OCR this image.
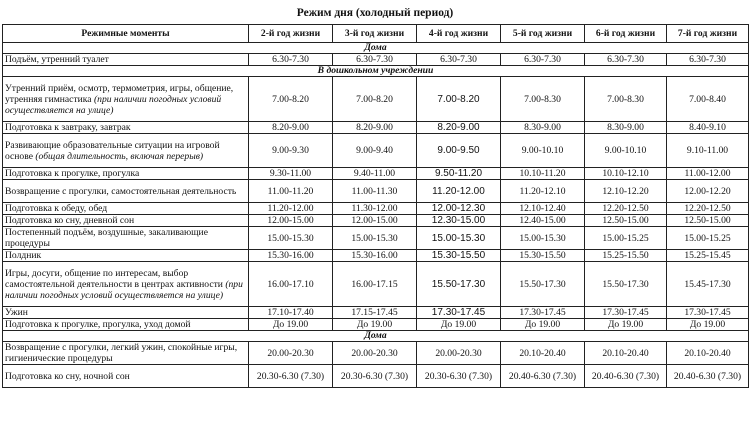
Режим дня (холодный период)
Режимные моменты	2-й год жизни	3-й год жизни	4-й год жизни	5-й год жизни	6-й год жизни	7-й год жизни
Дома						
Подъём, утренний туалет	6.30-7.30	6.30-7.30	6.30-7.30	6.30-7.30	6.30-7.30	6.30-7.30
В дошкольном учреждении						
Утренний приём, осмотр, термометрия, игры, общение, утренняя гимнастика (при наличии погодных условий осуществляется на улице)	7.00-8.20	7.00-8.20	7.00-8.20	7.00-8.30	7.00-8.30	7.00-8.40
Подготовка к завтраку, завтрак	8.20-9.00	8.20-9.00	8.20-9.00	8.30-9.00	8.30-9.00	8.40-9.10
Развивающие образовательные ситуации на игровой основе (общая длительность, включая перерыв)	9.00-9.30	9.00-9.40	9.00-9.50	9.00-10.10	9.00-10.10	9.10-11.00
Подготовка к прогулке, прогулка	9.30-11.00	9.40-11.00	9.50-11.20	10.10-11.20	10.10-12.10	11.00-12.00
Возвращение с прогулки, самостоятельная деятельность	11.00-11.20	11.00-11.30	11.20-12.00	11.20-12.10	12.10-12.20	12.00-12.20
Подготовка к обеду, обед	11.20-12.00	11.30-12.00	12.00-12.30	12.10-12.40	12.20-12.50	12.20-12.50
Подготовка ко сну, дневной сон	12.00-15.00	12.00-15.00	12.30-15.00	12.40-15.00	12.50-15.00	12.50-15.00
Постепенный подъём, воздушные, закаливающие процедуры	15.00-15.30	15.00-15.30	15.00-15.30	15.00-15.30	15.00-15.25	15.00-15.25
Полдник	15.30-16.00	15.30-16.00	15.30-15.50	15.30-15.50	15.25-15.50	15.25-15.45
Игры, досуги, общение по интересам, выбор самостоятельной деятельности в центрах активности (при наличии погодных условий осуществляется на улице)	16.00-17.10	16.00-17.15	15.50-17.30	15.50-17.30	15.50-17.30	15.45-17.30
Ужин	17.10-17.40	17.15-17.45	17.30-17.45	17.30-17.45	17.30-17.45	17.30-17.45
Подготовка к прогулке, прогулка, уход домой	До 19.00	До 19.00	До 19.00	До 19.00	До 19.00	До 19.00
Дома						
Возвращение с прогулки, легкий ужин, спокойные игры, гигиенические процедуры	20.00-20.30	20.00-20.30	20.00-20.30	20.10-20.40	20.10-20.40	20.10-20.40
Подготовка ко сну, ночной сон	20.30-6.30 (7.30)	20.30-6.30 (7.30)	20.30-6.30 (7.30)	20.40-6.30 (7.30)	20.40-6.30 (7.30)	20.40-6.30 (7.30)
